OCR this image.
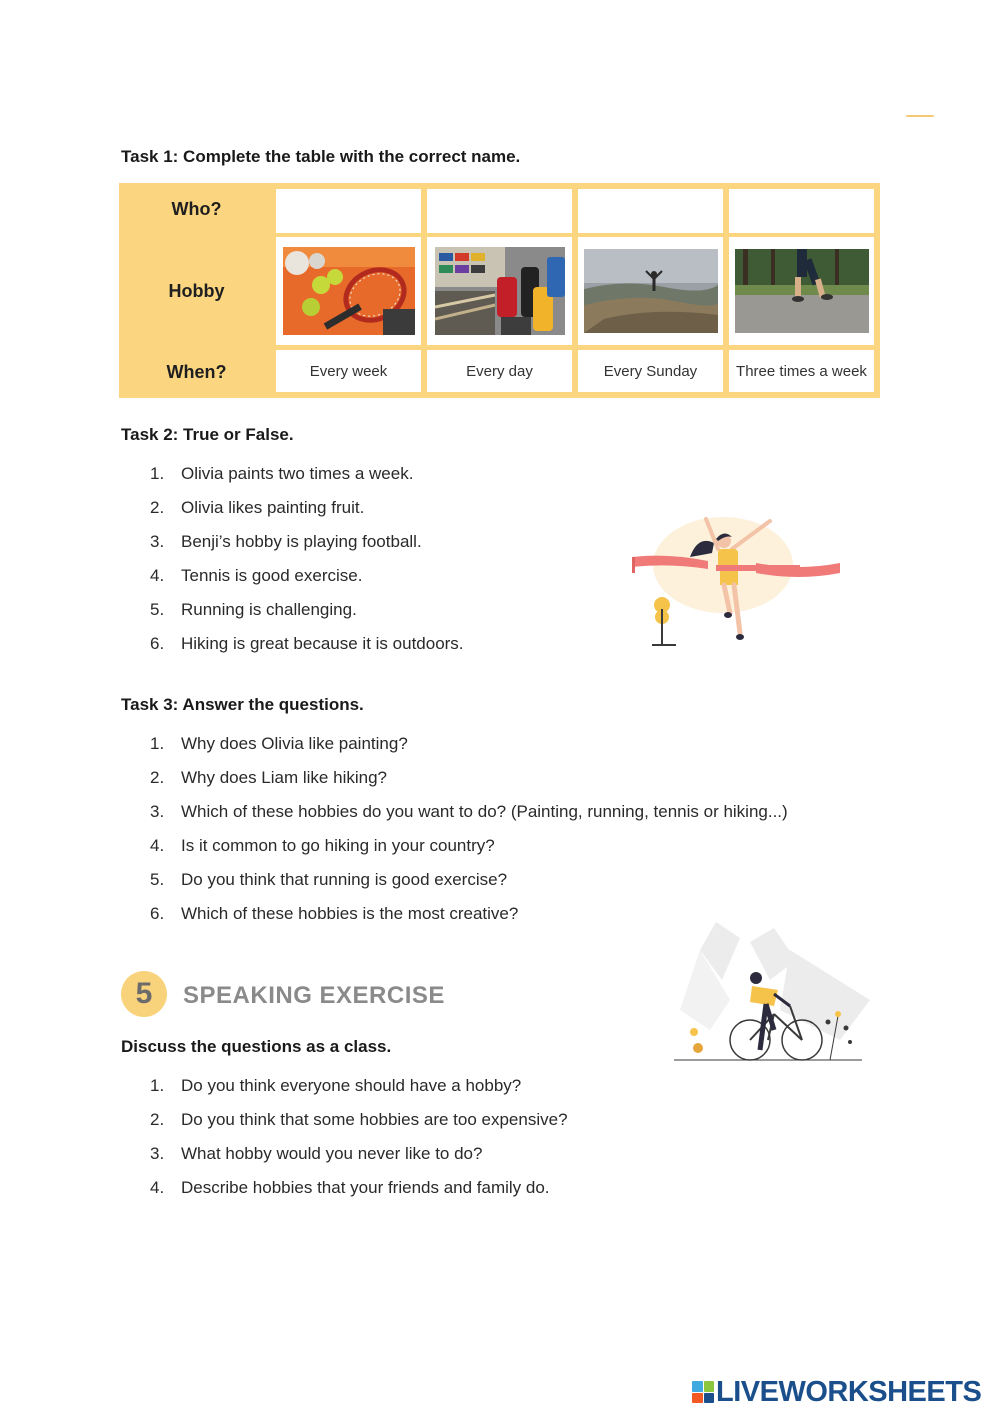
Task 1: Complete the table with the correct name.
Who?
Hobby
When?	Every week	Every day	Every Sunday	Three times a week
Task 2: True or False.
1. Olivia paints two times a week.
2. Olivia likes painting fruit.
3. Benji’s hobby is playing football.
4. Tennis is good exercise.
5. Running is challenging.
6. Hiking is great because it is outdoors.
Task 3: Answer the questions.
1. Why does Olivia like painting?
2. Why does Liam like hiking?
3. Which of these hobbies do you want to do? (Painting, running, tennis or hiking...)
4. Is it common to go hiking in your country?
5. Do you think that running is good exercise?
6. Which of these hobbies is the most creative?
5	SPEAKING EXERCISE
Discuss the questions as a class.
1. Do you think everyone should have a hobby?
2. Do you think that some hobbies are too expensive?
3. What hobby would you never like to do?
4. Describe hobbies that your friends and family do.
LIVEWORKSHEETS
